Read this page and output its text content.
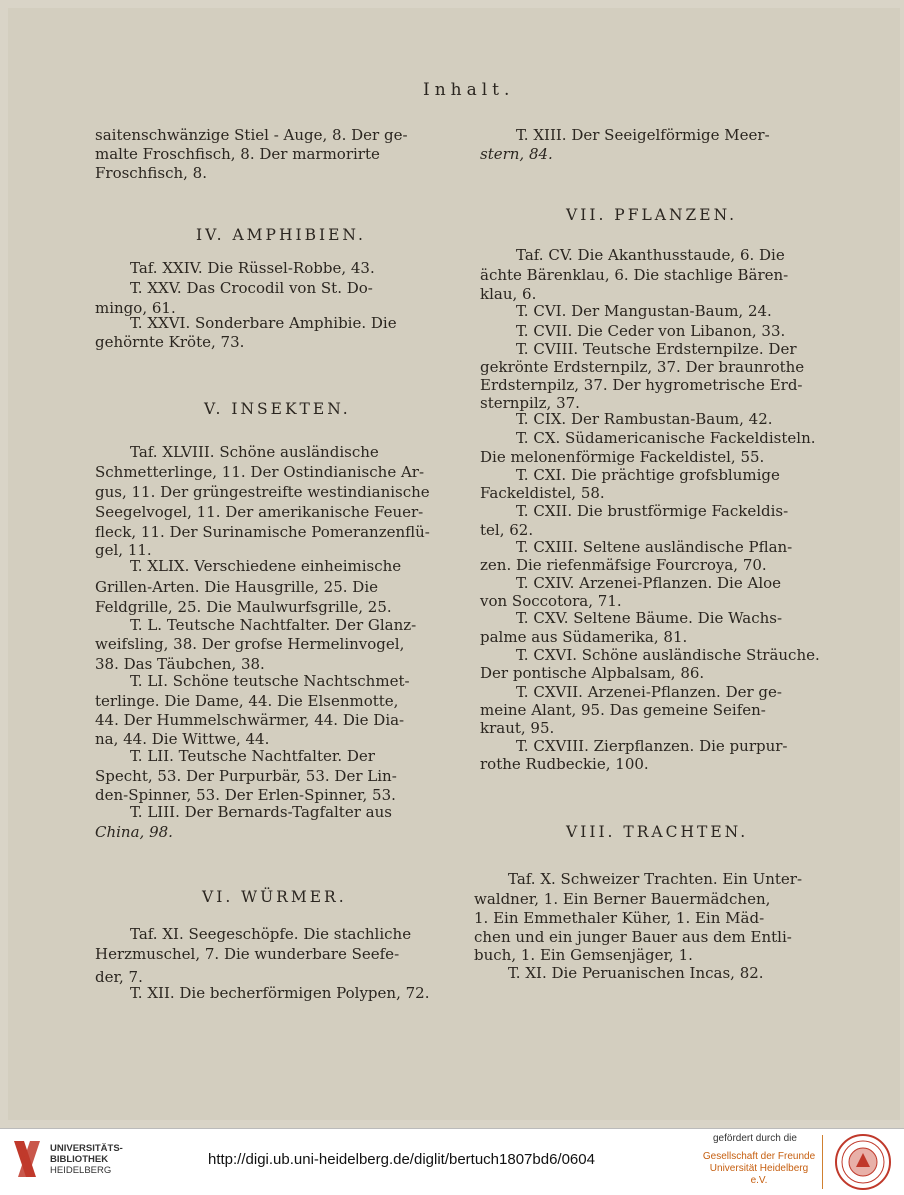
Inhalt.
saitenschwänzige Stiel - Auge, 8. Der ge-
malte Froschfisch, 8. Der marmorirte
Froschfisch, 8.
IV. AMPHIBIEN.
Taf. XXIV. Die Rüssel-Robbe, 43.
T. XXV. Das Crocodil von St. Do-
mingo, 61.
T. XXVI. Sonderbare Amphibie. Die
gehörnte Kröte, 73.
V. INSEKTEN.
Taf. XLVIII. Schöne ausländische
Schmetterlinge, 11. Der Ostindianische Ar-
gus, 11. Der grüngestreifte westindianische
Seegelvogel, 11. Der amerikanische Feuer-
fleck, 11. Der Surinamische Pomeranzenflü-
gel, 11.
T. XLIX. Verschiedene einheimische
Grillen-Arten. Die Hausgrille, 25. Die
Feldgrille, 25. Die Maulwurfsgrille, 25.
T. L. Teutsche Nachtfalter. Der Glanz-
weifsling, 38. Der grofse Hermelinvogel,
38. Das Täubchen, 38.
T. LI. Schöne teutsche Nachtschmet-
terlinge. Die Dame, 44. Die Elsenmotte,
44. Der Hummelschwärmer, 44. Die Dia-
na, 44. Die Wittwe, 44.
T. LII. Teutsche Nachtfalter. Der
Specht, 53. Der Purpurbär, 53. Der Lin-
den-Spinner, 53. Der Erlen-Spinner, 53.
T. LIII. Der Bernards-Tagfalter aus
China, 98.
VI. WÜRMER.
Taf. XI. Seegeschöpfe. Die stachliche
Herzmuschel, 7. Die wunderbare Seefe-
der, 7.
T. XII. Die becherförmigen Polypen, 72.
T. XIII. Der Seeigelförmige Meer-
stern, 84.
VII. PFLANZEN.
Taf. CV. Die Akanthusstaude, 6. Die
ächte Bärenklau, 6. Die stachlige Bären-
klau, 6.
T. CVI. Der Mangustan-Baum, 24.
T. CVII. Die Ceder von Libanon, 33.
T. CVIII. Teutsche Erdsternpilze. Der
gekrönte Erdsternpilz, 37. Der braunrothe
Erdsternpilz, 37. Der hygrometrische Erd-
sternpilz, 37.
T. CIX. Der Rambustan-Baum, 42.
T. CX. Südamericanische Fackeldisteln.
Die melonenförmige Fackeldistel, 55.
T. CXI. Die prächtige grofsblumige
Fackeldistel, 58.
T. CXII. Die brustförmige Fackeldis-
tel, 62.
T. CXIII. Seltene ausländische Pflan-
zen. Die riefenmäfsige Fourcroya, 70.
T. CXIV. Arzenei-Pflanzen. Die Aloe
von Soccotora, 71.
T. CXV. Seltene Bäume. Die Wachs-
palme aus Südamerika, 81.
T. CXVI. Schöne ausländische Sträuche.
Der pontische Alpbalsam, 86.
T. CXVII. Arzenei-Pflanzen. Der ge-
meine Alant, 95. Das gemeine Seifen-
kraut, 95.
T. CXVIII. Zierpflanzen. Die purpur-
rothe Rudbeckie, 100.
VIII. TRACHTEN.
Taf. X. Schweizer Trachten. Ein Unter-
waldner, 1. Ein Berner Bauermädchen,
1. Ein Emmethaler Küher, 1. Ein Mäd-
chen und ein junger Bauer aus dem Entli-
buch, 1. Ein Gemsenjäger, 1.
T. XI. Die Peruanischen Incas, 82.
UNIVERSITÄTS-
BIBLIOTHEK
HEIDELBERG
http://digi.ub.uni-heidelberg.de/diglit/bertuch1807bd6/0604
gefördert durch die
Gesellschaft der Freunde
Universität Heidelberg e.V.
